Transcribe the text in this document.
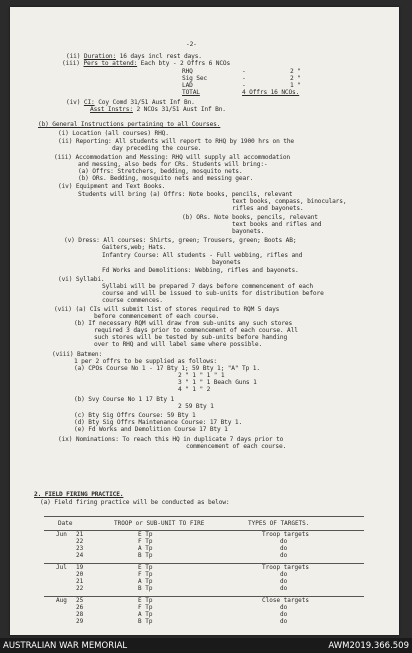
-2-
(ii) Duration: 16 days incl rest days.
(iii) Pers to attend: Each bty - 2 Offrs 6 NCOs
RHQ	-	2 "
Sig Sec	-	2 "
LAD	-	1 "
TOTAL	4 Offrs 16 NCOs.
(iv) CI: Coy Comd 31/51 Aust Inf Bn.
Asst Instrs: 2 NCOs 31/51 Aust Inf Bn.
(b) General Instructions pertaining to all Courses.
(i) Location (all courses) RHQ.
(ii) Reporting: All students will report to RHQ by 1900 hrs on the
day preceding the course.
(iii) Accommodation and Messing: RHQ will supply all accommodation
and messing, also beds for CRs. Students will bring:-
(a) Offrs: Stretchers, bedding, mosquito nets.
(b) ORs. Bedding, mosquito nets and messing gear.
(iv) Equipment and Text Books.
Students will bring (a) Offrs: Note books, pencils, relevant
text books, compass, binoculars,
rifles and bayonets.
(b) ORs. Note books, pencils, relevant
text books and rifles and
bayonets.
(v) Dress: All courses: Shirts, green; Trousers, green; Boots AB;
Gaiters,web; Hats.
Infantry Course: All students - Full webbing, rifles and
bayonets
Fd Works and Demolitions: Webbing, rifles and bayonets.
(vi) Syllabi.
Syllabi will be prepared 7 days before commencement of each
course and will be issued to sub-units for distribution before
course commences.
(vii) (a) CIs will submit list of stores required to RQM 5 days
before commencement of each course.
(b) If necessary RQM will draw from sub-units any such stores
required 3 days prior to commencement of each course. All
such stores will be tested by sub-units before handing
over to RHQ and will label same where possible.
(viii) Batmen:
1 per 2 offrs to be supplied as follows:
(a) CPOs Course No 1 - 17 Bty 1; 59 Bty 1; "A" Tp 1.
2 " 1 " 1 " 1
3 " 1 " 1 Beach Guns 1
4 " 1 " 2
(b) Svy Course No 1 17 Bty 1
2 59 Bty 1
(c) Bty Sig Offrs Course: 59 Bty 1
(d) Bty Sig Offrs Maintenance Course: 17 Bty 1.
(e) Fd Works and Demolition Course 17 Bty 1
(ix) Nominations: To reach this HQ in duplicate 7 days prior to
commencement of each course.
2. FIELD FIRING PRACTICE.
(a) Field firing practice will be conducted as below:
Date	TROOP or SUB-UNIT TO FIRE	TYPES OF TARGETS.
Jun 21	E Tp	Troop targets
22	F Tp	do
23	A Tp	do
24	B Tp	do

Jul 19	E Tp	Troop targets
20	F Tp	do
21	A Tp	do
22	B Tp	do

Aug 25	E Tp	Close targets
26	F Tp	do
28	A Tp	do
29	B Tp	do
AUSTRALIAN WAR MEMORIAL	AWM2019.366.509
